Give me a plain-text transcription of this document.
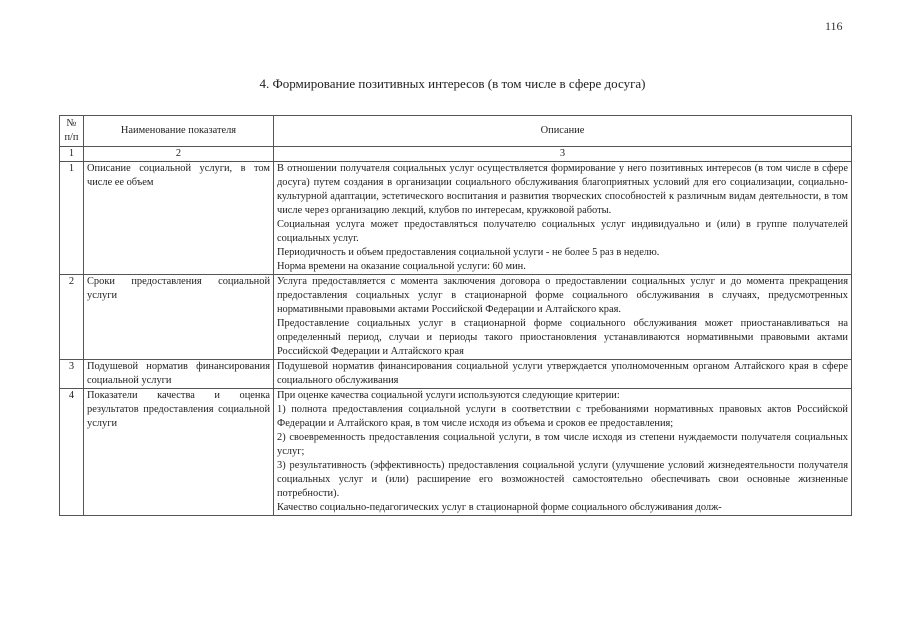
116
4. Формирование позитивных интересов (в том числе в сфере досуга)
№ п/п	Наименование показателя	Описание
1	2	3
1	Описание социальной услуги, в том числе ее объем	В отношении получателя социальных услуг осуществляется формирование у него позитивных интересов (в том числе в сфере досуга) путем создания в организации социального обслуживания благоприятных условий для его социализации, социально-культурной адаптации, эстетического воспитания и развития творческих способностей к различным видам деятельности, в том числе через организацию лекций, клубов по интересам, кружковой работы.

Социальная услуга может предоставляться получателю социальных услуг индивидуально и (или) в группе получателей социальных услуг.

Периодичность и объем предоставления социальной услуги - не более 5 раз в неделю.

Норма времени на оказание социальной услуги: 60 мин.

2	Сроки предоставления социальной услуги	Услуга предоставляется с момента заключения договора о предоставлении социальных услуг и до момента прекращения предоставления социальных услуг в стационарной форме социального обслуживания в случаях, предусмотренных нормативными правовыми актами Российской Федерации и Алтайского края.

Предоставление социальных услуг в стационарной форме социального обслуживания может приостанавливаться на определенный период, случаи и периоды такого приостановления устанавливаются нормативными правовыми актами Российской Федерации и Алтайского края

3	Подушевой норматив финансирования социальной услуги	Подушевой норматив финансирования социальной услуги утверждается уполномоченным органом Алтайского края в сфере социального обслуживания

4	Показатели качества и оценка результатов предоставления социальной услуги	При оценке качества социальной услуги используются следующие критерии:

1) полнота предоставления социальной услуги в соответствии с требованиями нормативных правовых актов Российской Федерации и Алтайского края, в том числе исходя из объема и сроков ее предоставления;

2) своевременность предоставления социальной услуги, в том числе исходя из степени нуждаемости получателя социальных услуг;

3) результативность (эффективность) предоставления социальной услуги (улучшение условий жизнедеятельности получателя социальных услуг и (или) расширение его возможностей самостоятельно обеспечивать свои основные жизненные потребности).

Качество социально-педагогических услуг в стационарной форме социального обслуживания долж-
